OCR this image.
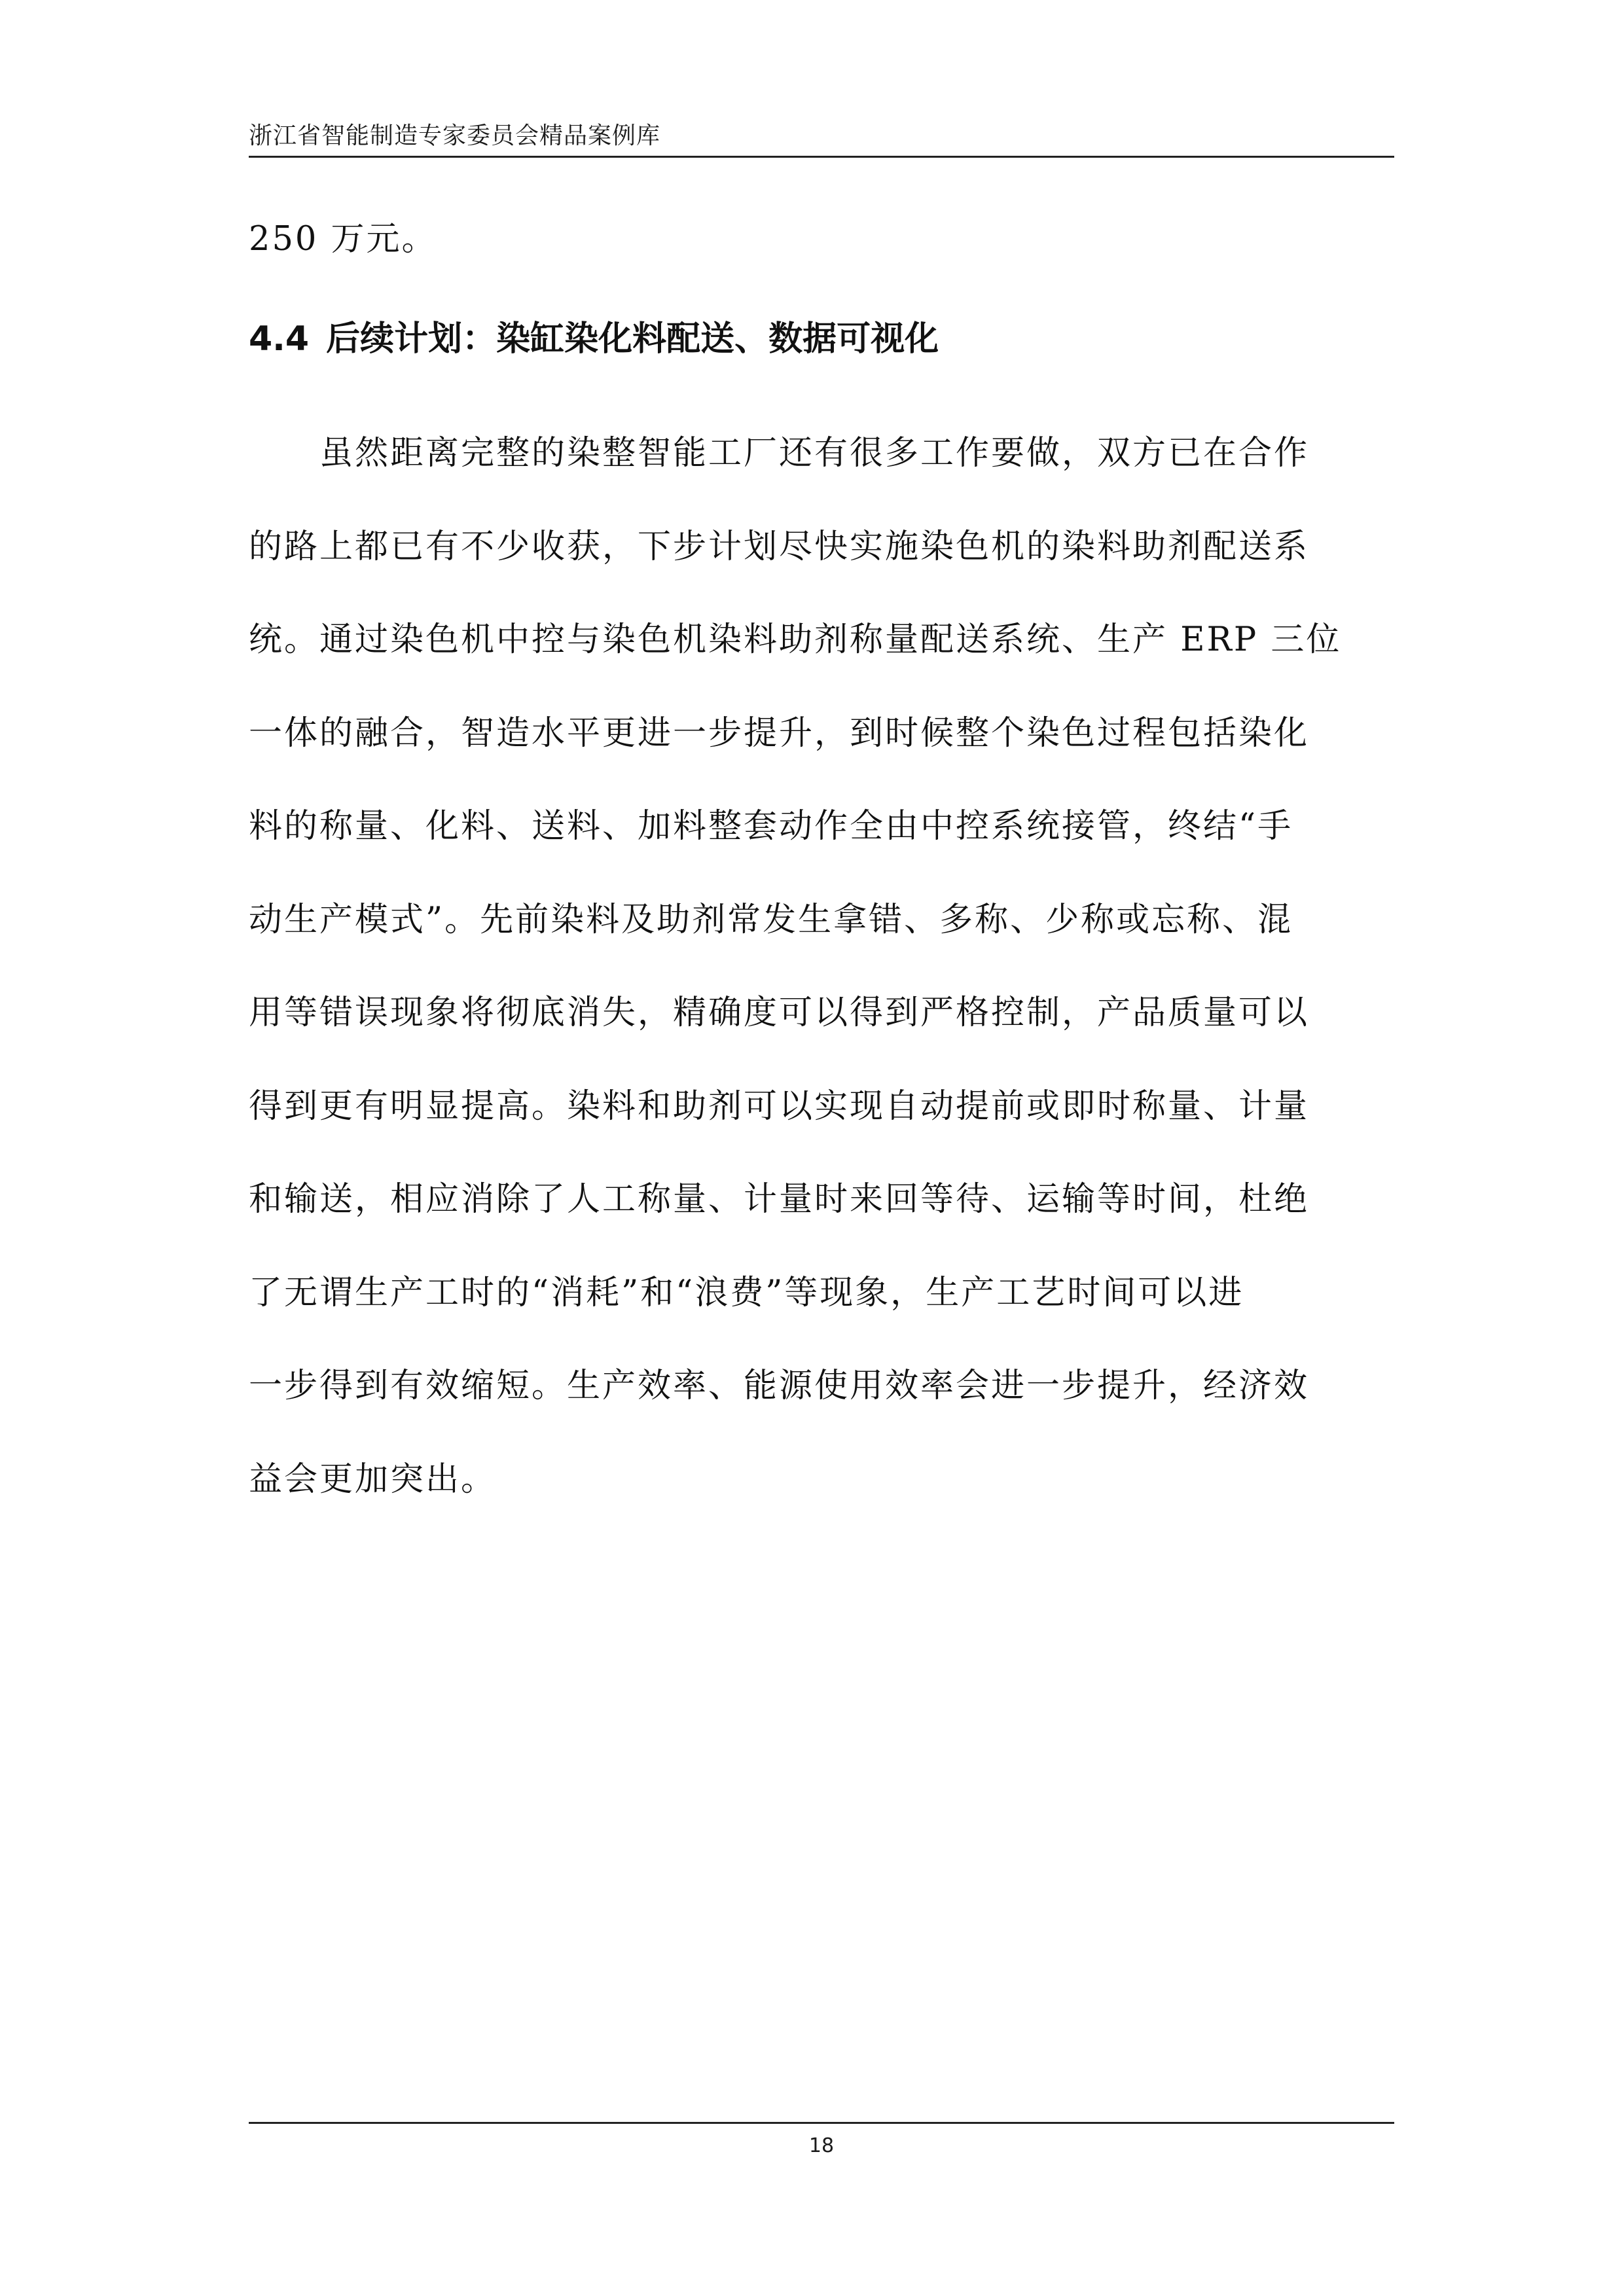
浙江省智能制造专家委员会精品案例库

250 万元。

4.4 后续计划：染缸染化料配送、数据可视化

　　虽然距离完整的染整智能工厂还有很多工作要做，双方已在合作

的路上都已有不少收获，下步计划尽快实施染色机的染料助剂配送系

统。通过染色机中控与染色机染料助剂称量配送系统、生产 ERP 三位

一体的融合，智造水平更进一步提升，到时候整个染色过程包括染化

料的称量、化料、送料、加料整套动作全由中控系统接管，终结“手

动生产模式”。先前染料及助剂常发生拿错、多称、少称或忘称、混

用等错误现象将彻底消失，精确度可以得到严格控制，产品质量可以

得到更有明显提高。染料和助剂可以实现自动提前或即时称量、计量

和输送，相应消除了人工称量、计量时来回等待、运输等时间，杜绝

了无谓生产工时的“消耗”和“浪费”等现象，生产工艺时间可以进

一步得到有效缩短。生产效率、能源使用效率会进一步提升，经济效

益会更加突出。

18
